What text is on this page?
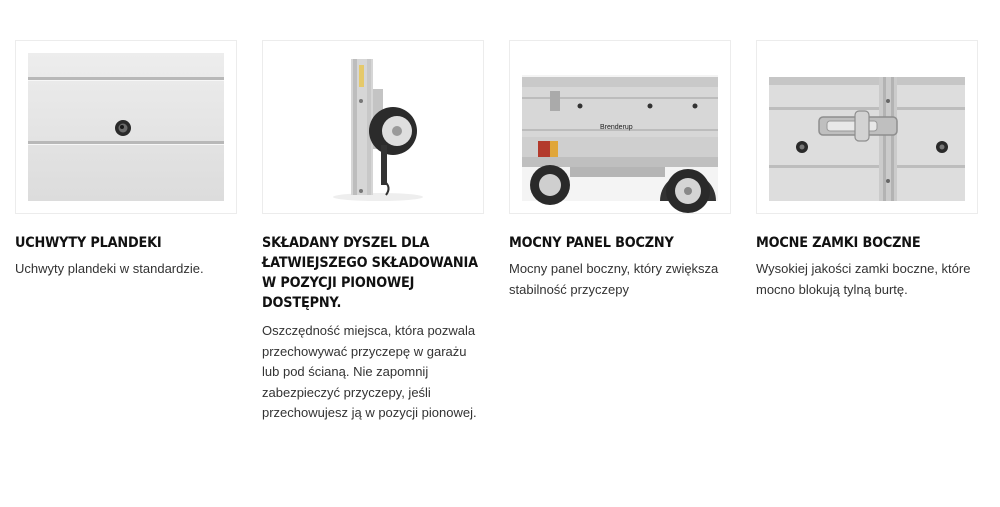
UCHWYTY PLANDEKI
Uchwyty plandeki w standardzie.
SKŁADANY DYSZEL DLA ŁATWIEJSZEGO SKŁADOWANIA W POZYCJI PIONOWEJ DOSTĘPNY.
Oszczędność miejsca, która pozwala przechowywać przyczepę w garażu lub pod ścianą. Nie zapomnij zabezpieczyć przyczepy, jeśli przechowujesz ją w pozycji pionowej.
Brenderup
MOCNY PANEL BOCZNY
Mocny panel boczny, który zwiększa stabilność przyczepy
MOCNE ZAMKI BOCZNE
Wysokiej jakości zamki boczne, które mocno blokują tylną burtę.
